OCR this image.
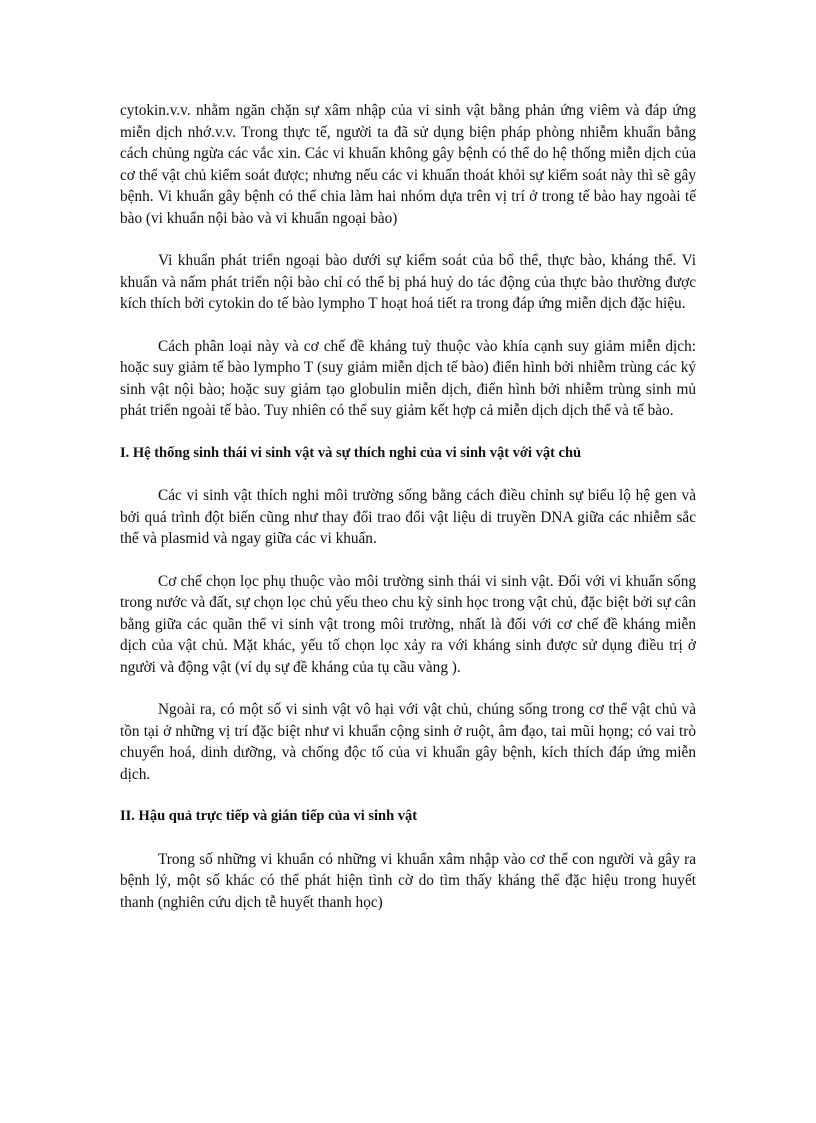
cytokin.v.v. nhằm ngăn chặn sự xâm nhập của vi sinh vật bằng phản ứng viêm và đáp ứng miễn dịch nhớ.v.v. Trong thực tế, người ta đã sử dụng biện pháp phòng nhiễm khuẩn bằng cách chủng ngừa các vắc xin. Các vi khuẩn không gây bệnh có thể do hệ thống miễn dịch của cơ thể vật chủ kiểm soát được; nhưng nếu các vi khuẩn thoát khỏi sự kiểm soát này thì sẽ gây bệnh. Vi khuẩn gây bệnh có thể chia làm hai nhóm dựa trên vị trí ở trong tế bào hay ngoài tế bào (vi khuẩn nội bào và vi khuẩn ngoại bào)

Vi khuẩn phát triển ngoại bào dưới sự kiểm soát của bổ thể, thực bào, kháng thể. Vi khuẩn và nấm phát triển nội bào chỉ có thể bị phá huỷ do tác động của thực bào thường được kích thích bởi cytokin do tế bào lympho T hoạt hoá tiết ra trong đáp ứng miễn dịch đặc hiệu.

Cách phân loại này và cơ chế đề kháng tuỳ thuộc vào khía cạnh suy giảm miễn dịch: hoặc suy giảm tế bào lympho T (suy giảm miễn dịch tế bào) điển hình bởi nhiễm trùng các ký sinh vật nội bào; hoặc suy giảm tạo globulin miễn dịch, điển hình bởi nhiễm trùng sinh mủ phát triển ngoài tế bào. Tuy nhiên có thể suy giảm kết hợp cả miễn dịch dịch thể và tế bào.

I. Hệ thống sinh thái vi sinh vật và sự thích nghi của vi sinh vật với vật chủ

Các vi sinh vật thích nghi môi trường sống bằng cách điều chỉnh sự biểu lộ hệ gen và bởi quá trình đột biến cũng như thay đổi trao đổi vật liệu di truyền DNA giữa các nhiễm sắc thể và plasmid và ngay giữa các vi khuẩn.

Cơ chế chọn lọc phụ thuộc vào môi trường sinh thái vi sinh vật. Đối với vi khuẩn sống trong nước và đất, sự chọn lọc chủ yếu theo chu kỳ sinh học trong vật chủ, đặc biệt bởi sự cân bằng giữa các quần thể vi sinh vật trong môi trường, nhất là đối với cơ chế đề kháng miễn dịch của vật chủ. Mặt khác, yếu tố chọn lọc xảy ra với kháng sinh được sử dụng điều trị ở người và động vật (ví dụ sự đề kháng của tụ cầu vàng ).

Ngoài ra, có một số vi sinh vật vô hại với vật chủ, chúng sống trong cơ thể vật chủ và tồn tại ở những vị trí đặc biệt như vi khuẩn cộng sinh ở ruột, âm đạo, tai mũi họng; có vai trò chuyển hoá, dinh dưỡng, và chống độc tố của vi khuẩn gây bệnh, kích thích đáp ứng miễn dịch.

II. Hậu quả trực tiếp và gián tiếp của vi sinh vật

Trong số những vi khuẩn có những vi khuẩn xâm nhập vào cơ thể con người và gây ra bệnh lý, một số khác có thể phát hiện tình cờ do tìm thấy kháng thể đặc hiệu trong huyết thanh (nghiên cứu dịch tễ huyết thanh học)
